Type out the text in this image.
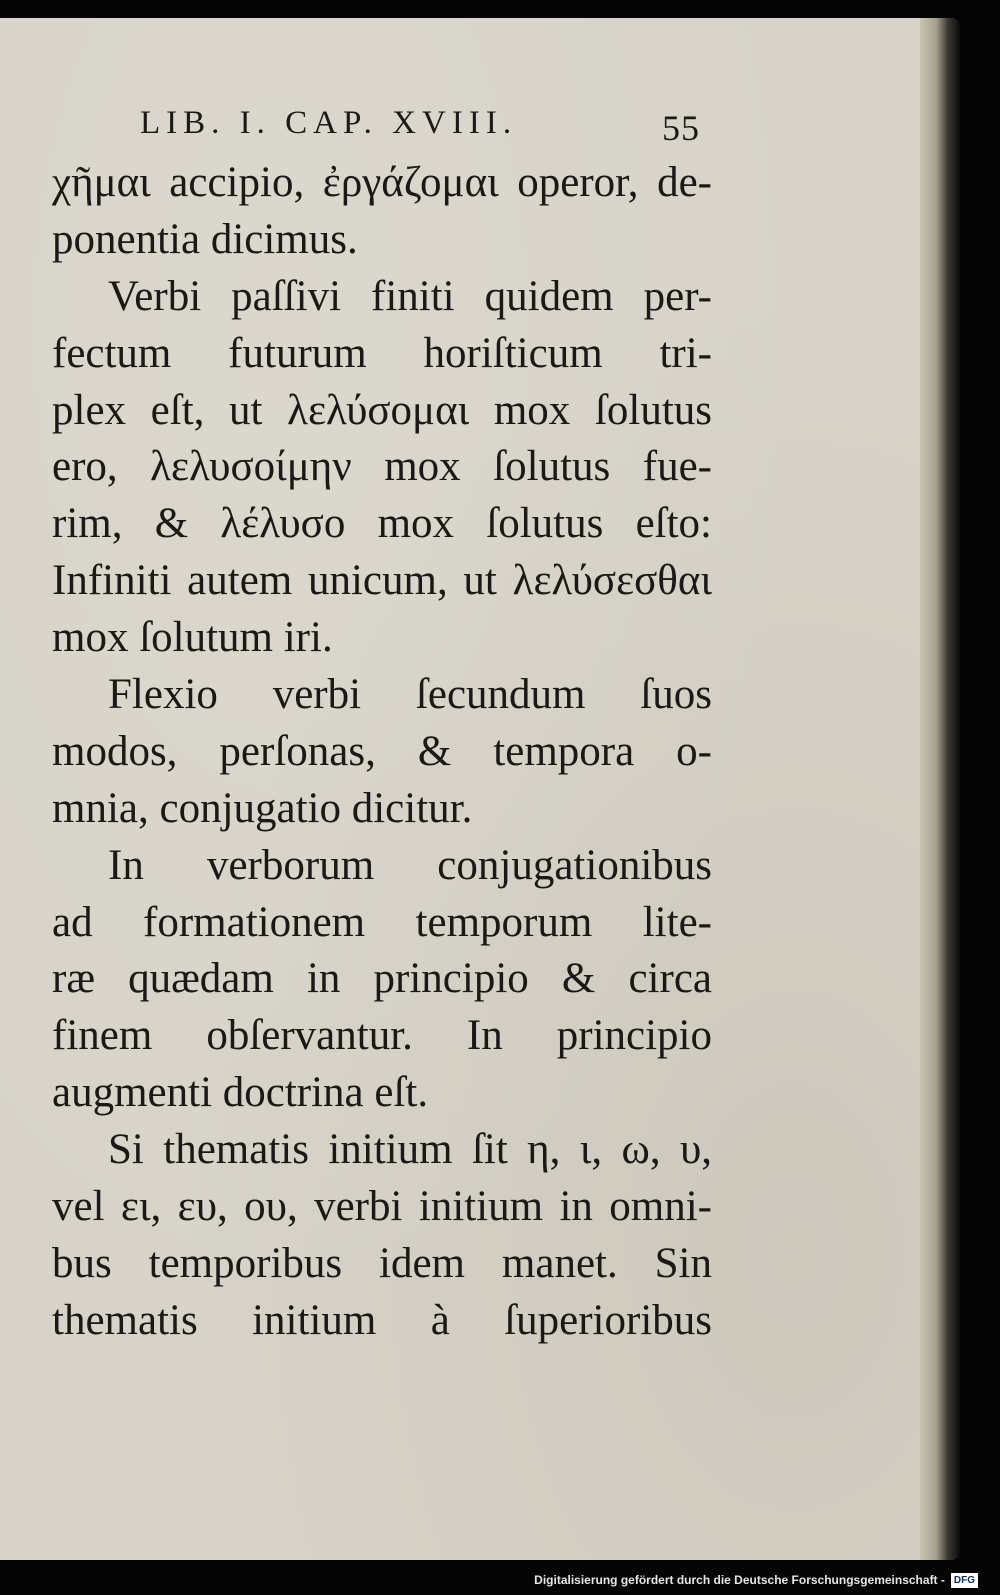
LIB. I. CAP. XVIII.	55
χῆμαι accipio, ἐργάζομαι operor, de-
ponentia dicimus.
Verbi paſſivi finiti quidem per-
fectum futurum horiſticum tri-
plex eſt, ut λελύσομαι mox ſolutus
ero, λελυσοίμην mox ſolutus fue-
rim, & λέλυσο mox ſolutus eſto:
Infiniti autem unicum, ut λελύσεσθαι
mox ſolutum iri.
Flexio verbi ſecundum ſuos
modos, perſonas, & tempora o-
mnia, conjugatio dicitur.
In verborum conjugationibus
ad formationem temporum lite-
ræ quædam in principio & circa
finem obſervantur. In principio
augmenti doctrina eſt.
Si thematis initium ſit η, ι, ω, υ,
vel ει, ευ, ου, verbi initium in omni-
bus temporibus idem manet. Sin
thematis initium à ſuperioribus
Digitalisierung gefördert durch die Deutsche Forschungsgemeinschaft - DFG
